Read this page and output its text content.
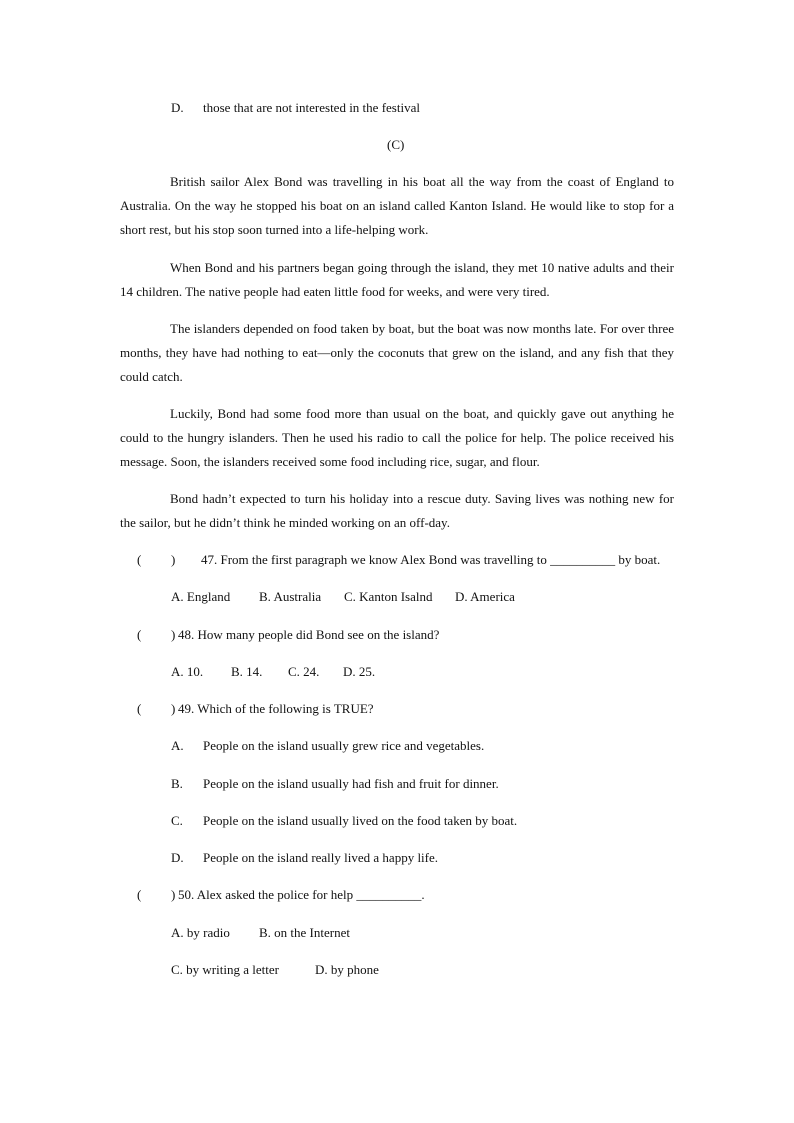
D. those that are not interested in the festival
(C)
British sailor Alex Bond was travelling in his boat all the way from the coast of England to Australia. On the way he stopped his boat on an island called Kanton Island. He would like to stop for a short rest, but his stop soon turned into a life-helping work.
When Bond and his partners began going through the island, they met 10 native adults and their 14 children. The native people had eaten little food for weeks, and were very tired.
The islanders depended on food taken by boat, but the boat was now months late. For over three months, they have had nothing to eat—only the coconuts that grew on the island, and any fish that they could catch.
Luckily, Bond had some food more than usual on the boat, and quickly gave out anything he could to the hungry islanders. Then he used his radio to call the police for help. The police received his message. Soon, the islanders received some food including rice, sugar, and flour.
Bond hadn’t expected to turn his holiday into a rescue duty. Saving lives was nothing new for the sailor, but he didn’t think he minded working on an off-day.
( ) 47. From the first paragraph we know Alex Bond was travelling to __________ by boat.
A. England B. Australia C. Kanton Isalnd D. America
( ) 48. How many people did Bond see on the island?
A. 10. B. 14. C. 24. D. 25.
( ) 49. Which of the following is TRUE?
A. People on the island usually grew rice and vegetables.
B. People on the island usually had fish and fruit for dinner.
C. People on the island usually lived on the food taken by boat.
D. People on the island really lived a happy life.
( ) 50. Alex asked the police for help __________.
A. by radio B. on the Internet
C. by writing a letter	D. by phone
